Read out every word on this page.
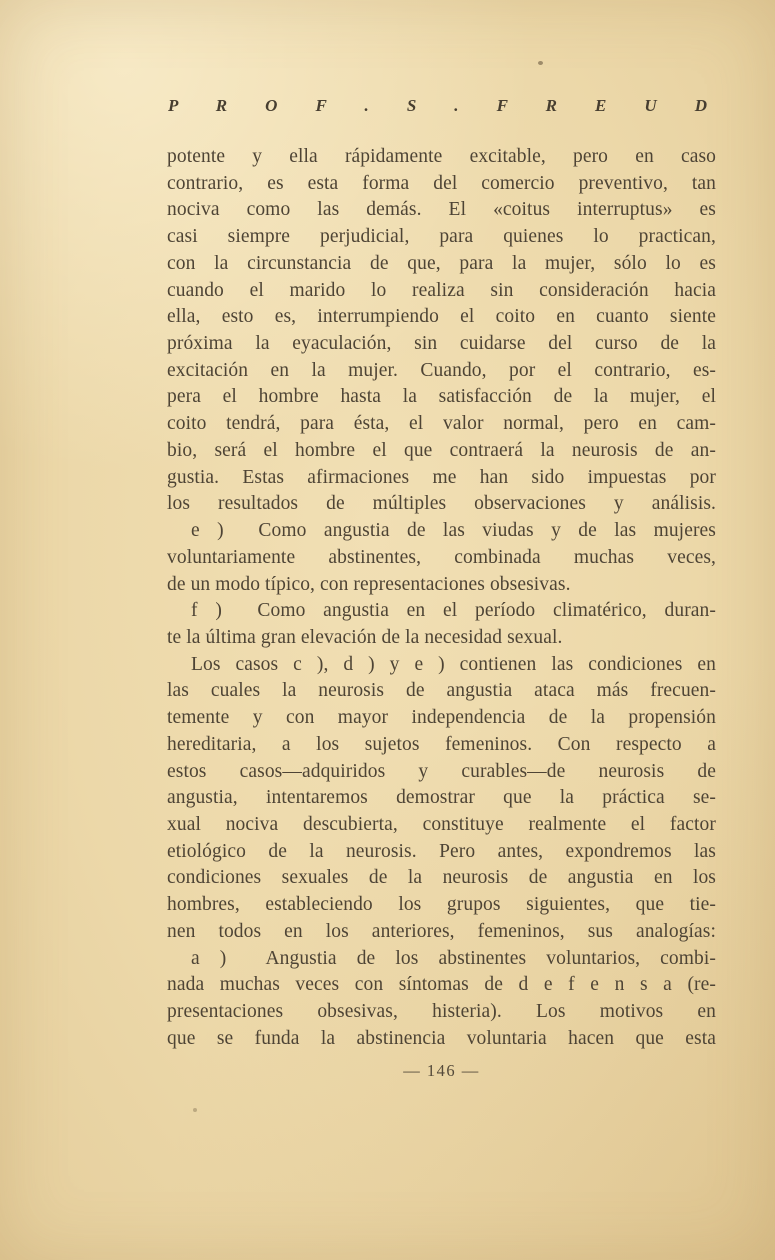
P R O F . S . F R E U D
potente y ella rápidamente excitable, pero en caso
contrario, es esta forma del comercio preventivo, tan
nociva como las demás. El «coitus interruptus» es
casi siempre perjudicial, para quienes lo practican,
con la circunstancia de que, para la mujer, sólo lo es
cuando el marido lo realiza sin consideración hacia
ella, esto es, interrumpiendo el coito en cuanto siente
próxima la eyaculación, sin cuidarse del curso de la
excitación en la mujer. Cuando, por el contrario, es-
pera el hombre hasta la satisfacción de la mujer, el
coito tendrá, para ésta, el valor normal, pero en cam-
bio, será el hombre el que contraerá la neurosis de an-
gustia. Estas afirmaciones me han sido impuestas por
los resultados de múltiples observaciones y análisis.
e )  Como angustia de las viudas y de las mujeres
voluntariamente abstinentes, combinada muchas veces,
de un modo típico, con representaciones obsesivas.
f )  Como angustia en el período climatérico, duran-
te la última gran elevación de la necesidad sexual.
Los casos c ), d ) y e ) contienen las condiciones en
las cuales la neurosis de angustia ataca más frecuen-
temente y con mayor independencia de la propensión
hereditaria, a los sujetos femeninos. Con respecto a
estos casos—adquiridos y curables—de neurosis de
angustia, intentaremos demostrar que la práctica se-
xual nociva descubierta, constituye realmente el factor
etiológico de la neurosis. Pero antes, expondremos las
condiciones sexuales de la neurosis de angustia en los
hombres, estableciendo los grupos siguientes, que tie-
nen todos en los anteriores, femeninos, sus analogías:
a )  Angustia de los abstinentes voluntarios, combi-
nada muchas veces con síntomas de d e f e n s a (re-
presentaciones obsesivas, histeria). Los motivos en
que se funda la abstinencia voluntaria hacen que esta
— 146 —
